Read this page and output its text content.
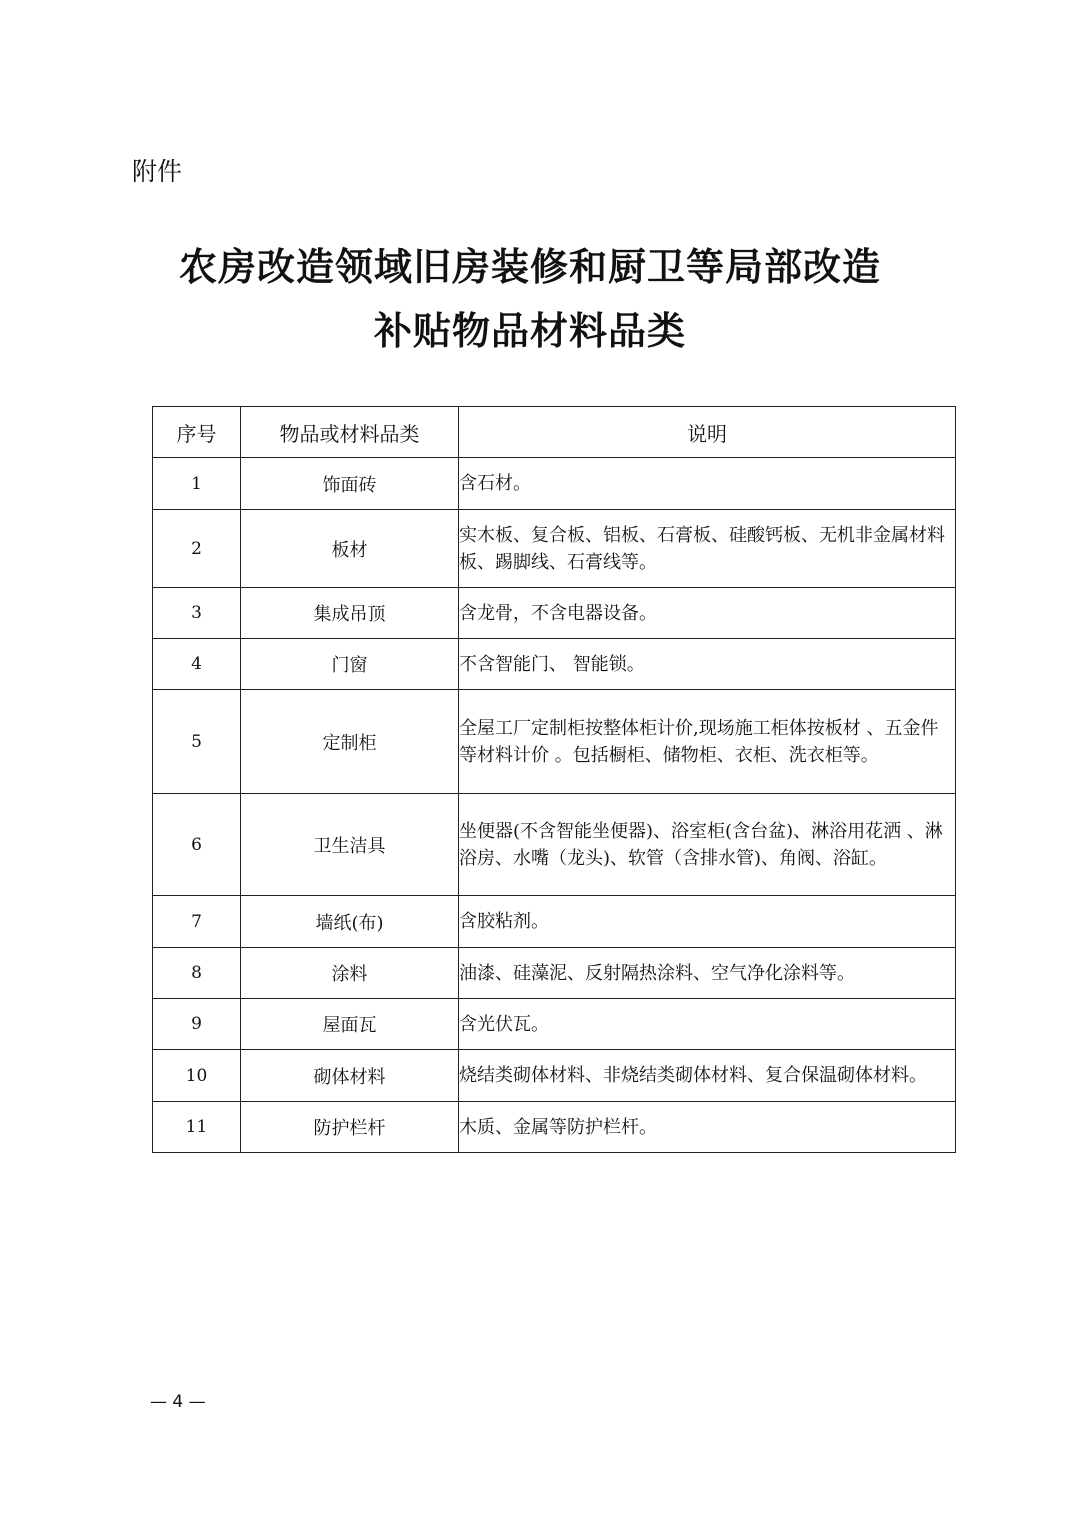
附件
农房改造领域旧房装修和厨卫等局部改造
补贴物品材料品类
序号	物品或材料品类	说明
1	饰面砖	含石材。
2	板材	实木板、复合板、铝板、石膏板、硅酸钙板、无机非金属材料板、踢脚线、石膏线等。
3	集成吊顶	含龙骨，不含电器设备。
4	门窗	不含智能门、 智能锁。
5	定制柜	全屋工厂定制柜按整体柜计价,现场施工柜体按板材 、五金件等材料计价 。包括橱柜、储物柜、衣柜、洗衣柜等。
6	卫生洁具	坐便器(不含智能坐便器)、浴室柜(含台盆)、淋浴用花洒 、淋浴房、水嘴（龙头)、软管（含排水管)、角阀、浴缸。
7	墙纸(布)	含胶粘剂。
8	涂料	油漆、硅藻泥、反射隔热涂料、空气净化涂料等。
9	屋面瓦	含光伏瓦。
10	砌体材料	烧结类砌体材料、非烧结类砌体材料、复合保温砌体材料。
11	防护栏杆	木质、金属等防护栏杆。
— 4 —
